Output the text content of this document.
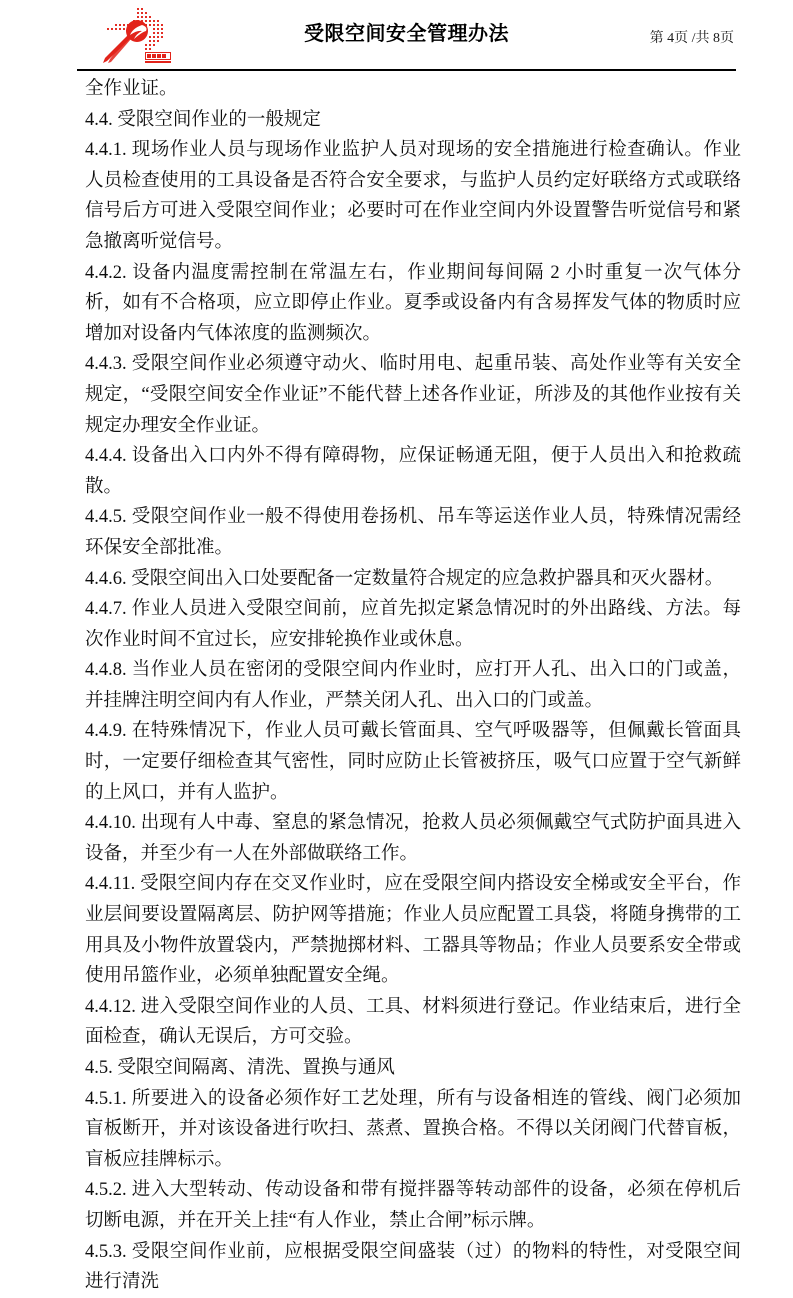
受限空间安全管理办法	第 4页 /共 8页

全作业证。

4.4. 受限空间作业的一般规定

4.4.1. 现场作业人员与现场作业监护人员对现场的安全措施进行检查确认。作业人员检查使用的工具设备是否符合安全要求，与监护人员约定好联络方式或联络信号后方可进入受限空间作业；必要时可在作业空间内外设置警告听觉信号和紧急撤离听觉信号。

4.4.2. 设备内温度需控制在常温左右，作业期间每间隔 2 小时重复一次气体分析，如有不合格项，应立即停止作业。夏季或设备内有含易挥发气体的物质时应增加对设备内气体浓度的监测频次。

4.4.3. 受限空间作业必须遵守动火、临时用电、起重吊装、高处作业等有关安全规定，“受限空间安全作业证”不能代替上述各作业证，所涉及的其他作业按有关规定办理安全作业证。

4.4.4. 设备出入口内外不得有障碍物，应保证畅通无阻，便于人员出入和抢救疏散。

4.4.5. 受限空间作业一般不得使用卷扬机、吊车等运送作业人员，特殊情况需经环保安全部批准。

4.4.6. 受限空间出入口处要配备一定数量符合规定的应急救护器具和灭火器材。

4.4.7. 作业人员进入受限空间前，应首先拟定紧急情况时的外出路线、方法。每次作业时间不宜过长，应安排轮换作业或休息。

4.4.8. 当作业人员在密闭的受限空间内作业时，应打开人孔、出入口的门或盖，并挂牌注明空间内有人作业，严禁关闭人孔、出入口的门或盖。

4.4.9. 在特殊情况下，作业人员可戴长管面具、空气呼吸器等，但佩戴长管面具时，一定要仔细检查其气密性，同时应防止长管被挤压，吸气口应置于空气新鲜的上风口，并有人监护。

4.4.10. 出现有人中毒、窒息的紧急情况，抢救人员必须佩戴空气式防护面具进入设备，并至少有一人在外部做联络工作。

4.4.11. 受限空间内存在交叉作业时，应在受限空间内搭设安全梯或安全平台，作业层间要设置隔离层、防护网等措施；作业人员应配置工具袋，将随身携带的工用具及小物件放置袋内，严禁抛掷材料、工器具等物品；作业人员要系安全带或使用吊篮作业，必须单独配置安全绳。

4.4.12. 进入受限空间作业的人员、工具、材料须进行登记。作业结束后，进行全面检查，确认无误后，方可交验。

4.5. 受限空间隔离、清洗、置换与通风

4.5.1. 所要进入的设备必须作好工艺处理，所有与设备相连的管线、阀门必须加盲板断开，并对该设备进行吹扫、蒸煮、置换合格。不得以关闭阀门代替盲板，盲板应挂牌标示。

4.5.2. 进入大型转动、传动设备和带有搅拌器等转动部件的设备，必须在停机后切断电源，并在开关上挂“有人作业，禁止合闸”标示牌。

4.5.3. 受限空间作业前，应根据受限空间盛装（过）的物料的特性，对受限空间进行清洗
